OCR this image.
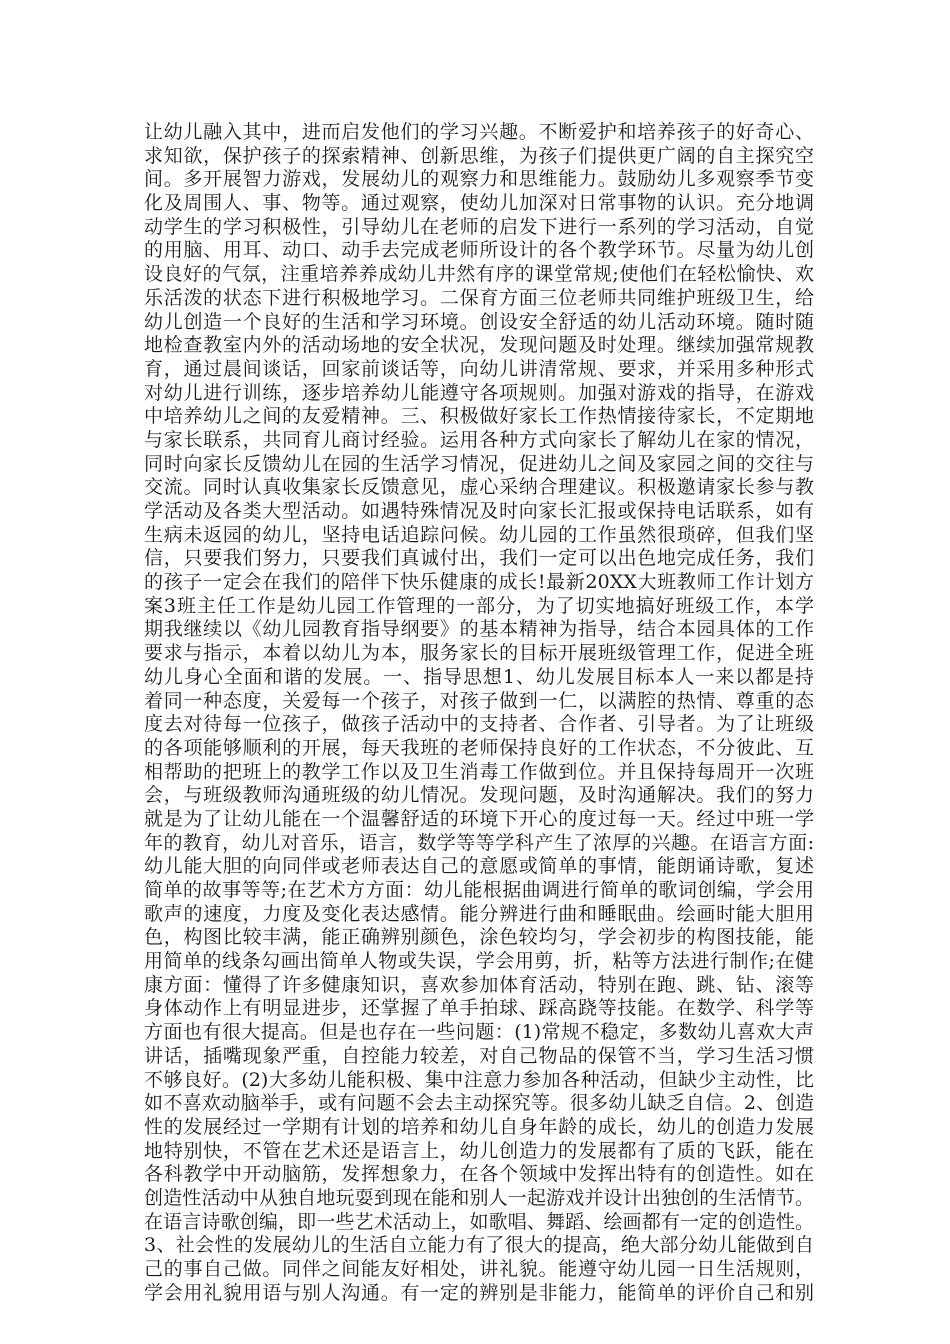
让幼儿融入其中，进而启发他们的学习兴趣。不断爱护和培养孩子的好奇心、
求知欲，保护孩子的探索精神、创新思维，为孩子们提供更广阔的自主探究空
间。多开展智力游戏，发展幼儿的观察力和思维能力。鼓励幼儿多观察季节变
化及周围人、事、物等。通过观察，使幼儿加深对日常事物的认识。充分地调
动学生的学习积极性，引导幼儿在老师的启发下进行一系列的学习活动，自觉
的用脑、用耳、动口、动手去完成老师所设计的各个教学环节。尽量为幼儿创
设良好的气氛，注重培养养成幼儿井然有序的课堂常规;使他们在轻松愉快、欢
乐活泼的状态下进行积极地学习。二保育方面三位老师共同维护班级卫生，给
幼儿创造一个良好的生活和学习环境。创设安全舒适的幼儿活动环境。随时随
地检查教室内外的活动场地的安全状况，发现问题及时处理。继续加强常规教
育，通过晨间谈话，回家前谈话等，向幼儿讲清常规、要求，并采用多种形式
对幼儿进行训练，逐步培养幼儿能遵守各项规则。加强对游戏的指导，在游戏
中培养幼儿之间的友爱精神。三、积极做好家长工作热情接待家长，不定期地
与家长联系，共同育儿商讨经验。运用各种方式向家长了解幼儿在家的情况，
同时向家长反馈幼儿在园的生活学习情况，促进幼儿之间及家园之间的交往与
交流。同时认真收集家长反馈意见，虚心采纳合理建议。积极邀请家长参与教
学活动及各类大型活动。如遇特殊情况及时向家长汇报或保持电话联系，如有
生病未返园的幼儿，坚持电话追踪问候。幼儿园的工作虽然很琐碎，但我们坚
信，只要我们努力，只要我们真诚付出，我们一定可以出色地完成任务，我们
的孩子一定会在我们的陪伴下快乐健康的成长!最新20XX大班教师工作计划方
案3班主任工作是幼儿园工作管理的一部分，为了切实地搞好班级工作，本学
期我继续以《幼儿园教育指导纲要》的基本精神为指导，结合本园具体的工作
要求与指示，本着以幼儿为本，服务家长的目标开展班级管理工作，促进全班
幼儿身心全面和谐的发展。一、指导思想1、幼儿发展目标本人一来以都是持
着同一种态度，关爱每一个孩子，对孩子做到一仁，以满腔的热情、尊重的态
度去对待每一位孩子，做孩子活动中的支持者、合作者、引导者。为了让班级
的各项能够顺利的开展，每天我班的老师保持良好的工作状态，不分彼此、互
相帮助的把班上的教学工作以及卫生消毒工作做到位。并且保持每周开一次班
会，与班级教师沟通班级的幼儿情况。发现问题，及时沟通解决。我们的努力
就是为了让幼儿能在一个温馨舒适的环境下开心的度过每一天。经过中班一学
年的教育，幼儿对音乐，语言，数学等等学科产生了浓厚的兴趣。在语言方面:
幼儿能大胆的向同伴或老师表达自己的意愿或简单的事情，能朗诵诗歌，复述
简单的故事等等;在艺术方方面：幼儿能根据曲调进行简单的歌词创编，学会用
歌声的速度，力度及变化表达感情。能分辨进行曲和睡眠曲。绘画时能大胆用
色，构图比较丰满，能正确辨别颜色，涂色较均匀，学会初步的构图技能，能
用简单的线条勾画出简单人物或失误，学会用剪，折，粘等方法进行制作;在健
康方面：懂得了许多健康知识，喜欢参加体育活动，特别在跑、跳、钻、滚等
身体动作上有明显进步，还掌握了单手拍球、踩高跷等技能。在数学、科学等
方面也有很大提高。但是也存在一些问题：(1)常规不稳定，多数幼儿喜欢大声
讲话，插嘴现象严重，自控能力较差，对自己物品的保管不当，学习生活习惯
不够良好。(2)大多幼儿能积极、集中注意力参加各种活动，但缺少主动性，比
如不喜欢动脑举手，或有问题不会去主动探究等。很多幼儿缺乏自信。2、创造
性的发展经过一学期有计划的培养和幼儿自身年龄的成长，幼儿的创造力发展
地特别快，不管在艺术还是语言上，幼儿创造力的发展都有了质的飞跃，能在
各科教学中开动脑筋，发挥想象力，在各个领域中发挥出特有的创造性。如在
创造性活动中从独自地玩耍到现在能和别人一起游戏并设计出独创的生活情节。
在语言诗歌创编，即一些艺术活动上，如歌唱、舞蹈、绘画都有一定的创造性。
3、社会性的发展幼儿的生活自立能力有了很大的提高，绝大部分幼儿能做到自
己的事自己做。同伴之间能友好相处，讲礼貌。能遵守幼儿园一日生活规则，
学会用礼貌用语与别人沟通。有一定的辨别是非能力，能简单的评价自己和别
